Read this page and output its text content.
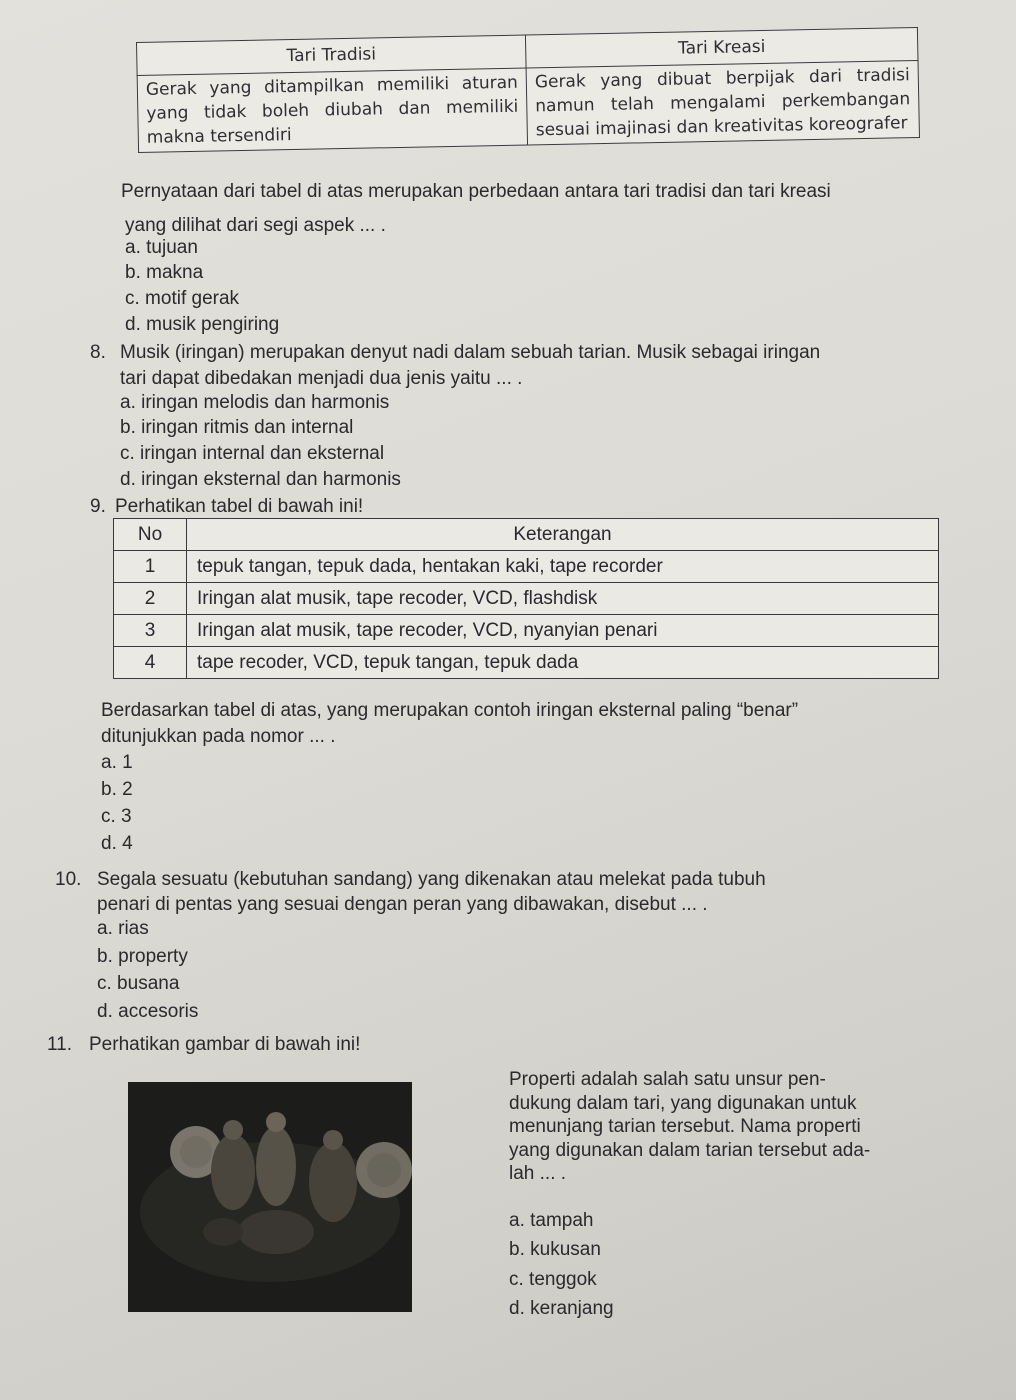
Tari Tradisi	Tari Kreasi
Gerak yang ditampilkan memiliki aturan yang tidak boleh diubah dan memiliki makna tersendiri	Gerak yang dibuat berpijak dari tradisi namun telah mengalami perkembangan sesuai imajinasi dan kreativitas koreografer
Pernyataan dari tabel di atas merupakan perbedaan antara tari tradisi dan tari kreasi
yang dilihat dari segi aspek ... .
a. tujuan
b. makna
c. motif gerak
d. musik pengiring
8. Musik (iringan) merupakan denyut nadi dalam sebuah tarian. Musik sebagai iringan
tari dapat dibedakan menjadi dua jenis yaitu ... .
a. iringan melodis dan harmonis
b. iringan ritmis dan internal
c. iringan internal dan eksternal
d. iringan eksternal dan harmonis
9. Perhatikan tabel di bawah ini!
No	Keterangan
1	tepuk tangan, tepuk dada, hentakan kaki, tape recorder
2	Iringan alat musik, tape recoder, VCD, flashdisk
3	Iringan alat musik, tape recoder, VCD, nyanyian penari
4	tape recoder, VCD, tepuk tangan, tepuk dada
Berdasarkan tabel di atas, yang merupakan contoh iringan eksternal paling “benar”
ditunjukkan pada nomor ... .
a. 1
b. 2
c. 3
d. 4
10. Segala sesuatu (kebutuhan sandang) yang dikenakan atau melekat pada tubuh
penari di pentas yang sesuai dengan peran yang dibawakan, disebut ... .
a. rias
b. property
c. busana
d. accesoris
11. Perhatikan gambar di bawah ini!
Properti adalah salah satu unsur pen-
dukung dalam tari, yang digunakan untuk
menunjang tarian tersebut. Nama properti
yang digunakan dalam tarian tersebut ada-
lah ... .
a. tampah
b. kukusan
c. tenggok
d. keranjang
